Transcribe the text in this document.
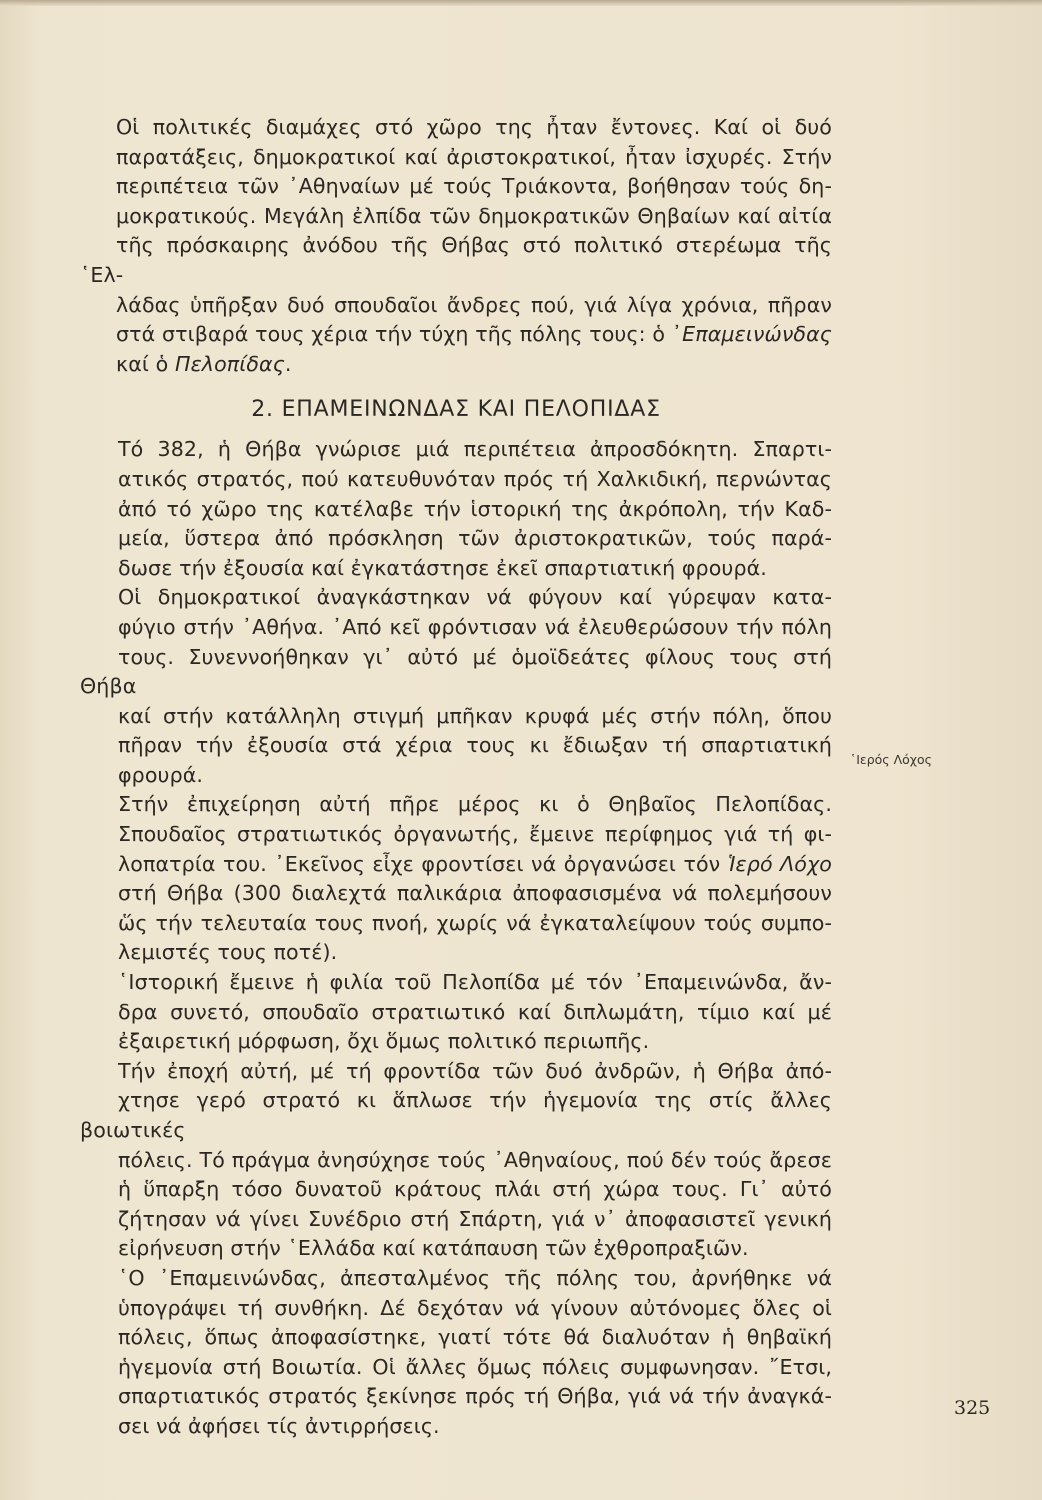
Οἱ πολιτικές διαμάχες στό χῶρο της ἦταν ἔντονες. Καί οἱ δυό
παρατάξεις, δημοκρατικοί καί ἀριστοκρατικοί, ἦταν ἰσχυρές. Στήν
περιπέτεια τῶν ᾿Αθηναίων μέ τούς Τριάκοντα, βοήθησαν τούς δη-
μοκρατικούς. Μεγάλη ἐλπίδα τῶν δημοκρατικῶν Θηβαίων καί αἰτία
τῆς πρόσκαιρης ἀνόδου τῆς Θήβας στό πολιτικό στερέωμα τῆς ῾Ελ-
λάδας ὑπῆρξαν δυό σπουδαῖοι ἄνδρες πού, γιά λίγα χρόνια, πῆραν
στά στιβαρά τους χέρια τήν τύχη τῆς πόλης τους: ὁ ᾿Επαμεινώνδας
καί ὁ Πελοπίδας.

2. ΕΠΑΜΕΙΝΩΝΔΑΣ ΚΑΙ ΠΕΛΟΠΙΔΑΣ

Τό 382, ἡ Θήβα γνώρισε μιά περιπέτεια ἀπροσδόκητη. Σπαρτι-
ατικός στρατός, πού κατευθυνόταν πρός τή Χαλκιδική, περνώντας
ἀπό τό χῶρο της κατέλαβε τήν ἱστορική της ἀκρόπολη, τήν Καδ-
μεία, ὕστερα ἀπό πρόσκληση τῶν ἀριστοκρατικῶν, τούς παρά-
δωσε τήν ἐξουσία καί ἐγκατάστησε ἐκεῖ σπαρτιατική φρουρά.

Οἱ δημοκρατικοί ἀναγκάστηκαν νά φύγουν καί γύρεψαν κατα-
φύγιο στήν ᾿Αθήνα. ᾿Από κεῖ φρόντισαν νά ἐλευθερώσουν τήν πόλη
τους. Συνεννοήθηκαν γι᾿ αὐτό μέ ὁμοϊδεάτες φίλους τους στή Θήβα
καί στήν κατάλληλη στιγμή μπῆκαν κρυφά μές στήν πόλη, ὅπου
πῆραν τήν ἐξουσία στά χέρια τους κι ἔδιωξαν τή σπαρτιατική
φρουρά.

Στήν ἐπιχείρηση αὐτή πῆρε μέρος κι ὁ Θηβαῖος Πελοπίδας.
Σπουδαῖος στρατιωτικός ὀργανωτής, ἔμεινε περίφημος γιά τή φι-
λοπατρία του. ᾿Εκεῖνος εἶχε φροντίσει νά ὀργανώσει τόν Ἱερό Λόχο
στή Θήβα (300 διαλεχτά παλικάρια ἀποφασισμένα νά πολεμήσουν
ὥς τήν τελευταία τους πνοή, χωρίς νά ἐγκαταλείψουν τούς συμπο-
λεμιστές τους ποτέ).

῾Ιστορική ἔμεινε ἡ φιλία τοῦ Πελοπίδα μέ τόν ᾿Επαμεινώνδα, ἄν-
δρα συνετό, σπουδαῖο στρατιωτικό καί διπλωμάτη, τίμιο καί μέ
ἐξαιρετική μόρφωση, ὄχι ὅμως πολιτικό περιωπῆς.

Τήν ἐποχή αὐτή, μέ τή φροντίδα τῶν δυό ἀνδρῶν, ἡ Θήβα ἀπό-
χτησε γερό στρατό κι ἅπλωσε τήν ἡγεμονία της στίς ἄλλες βοιωτικές
πόλεις. Τό πράγμα ἀνησύχησε τούς ᾿Αθηναίους, πού δέν τούς ἄρεσε
ἡ ὕπαρξη τόσο δυνατοῦ κράτους πλάι στή χώρα τους. Γι᾿ αὐτό
ζήτησαν νά γίνει Συνέδριο στή Σπάρτη, γιά ν᾿ ἀποφασιστεῖ γενική
εἰρήνευση στήν ῾Ελλάδα καί κατάπαυση τῶν ἐχθροπραξιῶν.

῾Ο ᾿Επαμεινώνδας, ἀπεσταλμένος τῆς πόλης του, ἀρνήθηκε νά
ὑπογράψει τή συνθήκη. Δέ δεχόταν νά γίνουν αὐτόνομες ὅλες οἱ
πόλεις, ὅπως ἀποφασίστηκε, γιατί τότε θά διαλυόταν ἡ θηβαϊκή
ἡγεμονία στή Βοιωτία. Οἱ ἄλλες ὅμως πόλεις συμφωνησαν. ῎Ετσι,
σπαρτιατικός στρατός ξεκίνησε πρός τή Θήβα, γιά νά τήν ἀναγκά-
σει νά ἀφήσει τίς ἀντιρρήσεις.

῾Ιερός Λόχος
325
